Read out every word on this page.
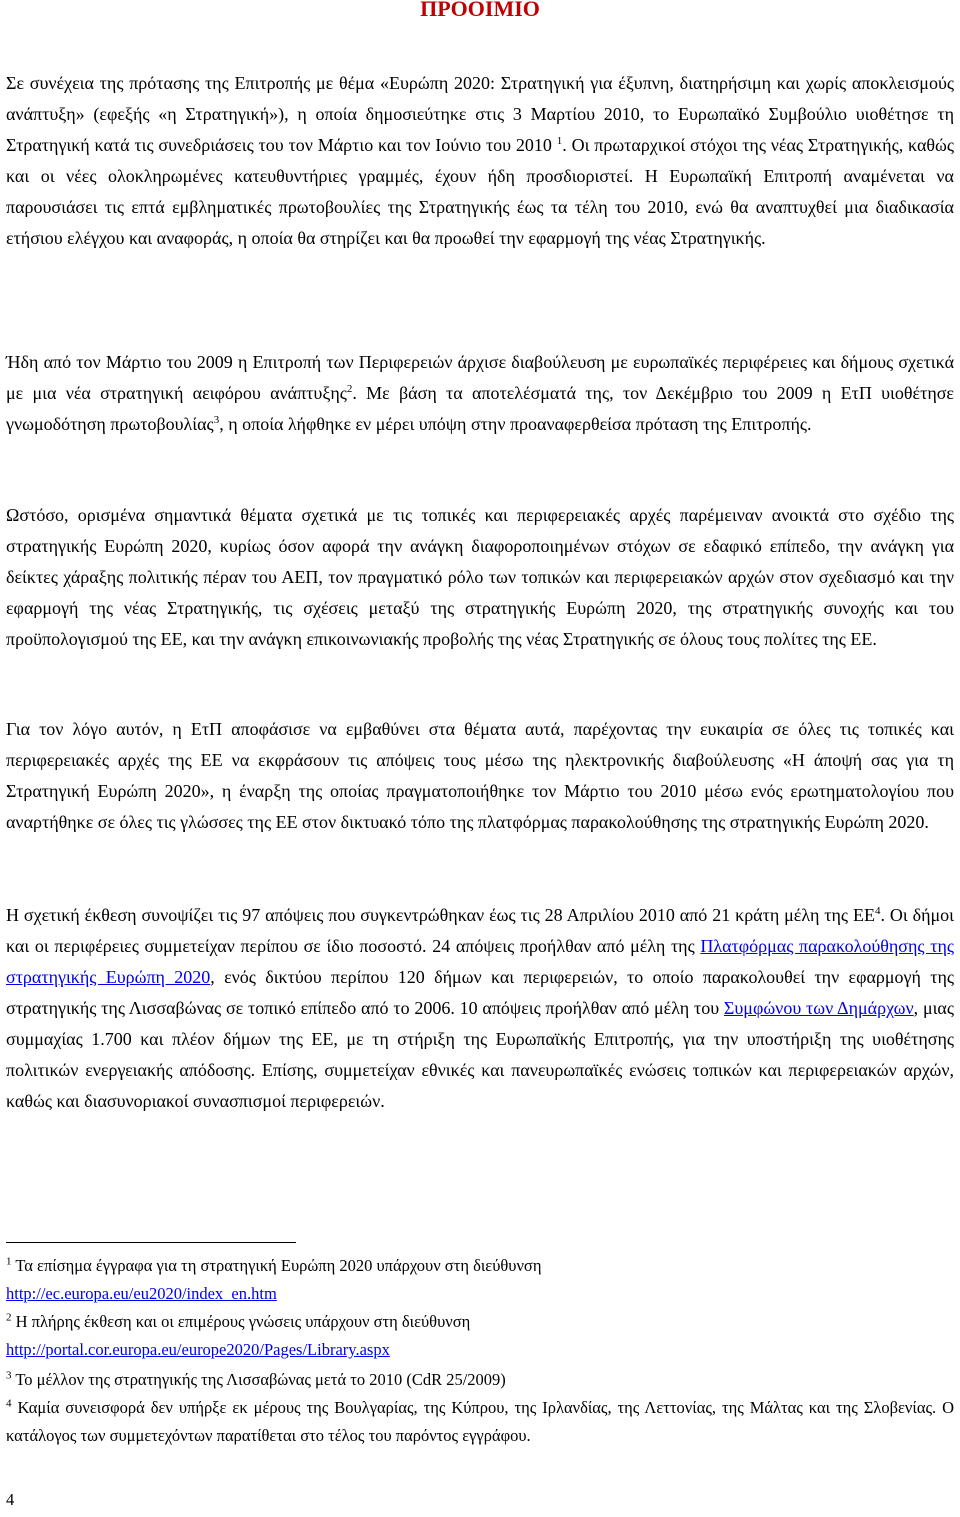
ΠΡΟΟΙΜΙΟ

Σε συνέχεια της πρότασης της Επιτροπής με θέμα «Ευρώπη 2020: Στρατηγική για έξυπνη, διατηρήσιμη και χωρίς αποκλεισμούς ανάπτυξη» (εφεξής «η Στρατηγική»), η οποία δημοσιεύτηκε στις 3 Μαρτίου 2010, το Ευρωπαϊκό Συμβούλιο υιοθέτησε τη Στρατηγική κατά τις συνεδριάσεις του τον Μάρτιο και τον Ιούνιο του 2010 $^1$. Οι πρωταρχικοί στόχοι της νέας Στρατηγικής, καθώς και οι νέες ολοκληρωμένες κατευθυντήριες γραμμές, έχουν ήδη προσδιοριστεί. Η Ευρωπαϊκή Επιτροπή αναμένεται να παρουσιάσει τις επτά εμβληματικές πρωτοβουλίες της Στρατηγικής έως τα τέλη του 2010, ενώ θα αναπτυχθεί μια διαδικασία ετήσιου ελέγχου και αναφοράς, η οποία θα στηρίζει και θα προωθεί την εφαρμογή της νέας Στρατηγικής.

Ήδη από τον Μάρτιο του 2009 η Επιτροπή των Περιφερειών άρχισε διαβούλευση με ευρωπαϊκές περιφέρειες και δήμους σχετικά με μια νέα στρατηγική αειφόρου ανάπτυξης$^2$. Με βάση τα αποτελέσματά της, τον Δεκέμβριο του 2009 η ΕτΠ υιοθέτησε γνωμοδότηση πρωτοβουλίας$^3$, η οποία λήφθηκε εν μέρει υπόψη στην προαναφερθείσα πρόταση της Επιτροπής.

Ωστόσο, ορισμένα σημαντικά θέματα σχετικά με τις τοπικές και περιφερειακές αρχές παρέμειναν ανοικτά στο σχέδιο της στρατηγικής Ευρώπη 2020, κυρίως όσον αφορά την ανάγκη διαφοροποιημένων στόχων σε εδαφικό επίπεδο, την ανάγκη για δείκτες χάραξης πολιτικής πέραν του ΑΕΠ, τον πραγματικό ρόλο των τοπικών και περιφερειακών αρχών στον σχεδιασμό και την εφαρμογή της νέας Στρατηγικής, τις σχέσεις μεταξύ της στρατηγικής Ευρώπη 2020, της στρατηγικής συνοχής και του προϋπολογισμού της ΕΕ, και την ανάγκη επικοινωνιακής προβολής της νέας Στρατηγικής σε όλους τους πολίτες της ΕΕ.

Για τον λόγο αυτόν, η ΕτΠ αποφάσισε να εμβαθύνει στα θέματα αυτά, παρέχοντας την ευκαιρία σε όλες τις τοπικές και περιφερειακές αρχές της ΕΕ να εκφράσουν τις απόψεις τους μέσω της ηλεκτρονικής διαβούλευσης «Η άποψή σας για τη Στρατηγική Ευρώπη 2020», η έναρξη της οποίας πραγματοποιήθηκε τον Μάρτιο του 2010 μέσω ενός ερωτηματολογίου που αναρτήθηκε σε όλες τις γλώσσες της ΕΕ στον δικτυακό τόπο της πλατφόρμας παρακολούθησης της στρατηγικής Ευρώπη 2020.

Η σχετική έκθεση συνοψίζει τις 97 απόψεις που συγκεντρώθηκαν έως τις 28 Απριλίου 2010 από 21 κράτη μέλη της $EE^4$. Οι δήμοι και οι περιφέρειες συμμετείχαν περίπου σε ίδιο ποσοστό. 24 απόψεις προήλθαν από μέλη της Πλατφόρμας παρακολούθησης της στρατηγικής Ευρώπη 2020, ενός δικτύου περίπου 120 δήμων και περιφερειών, το οποίο παρακολουθεί την εφαρμογή της στρατηγικής της Λισσαβώνας σε τοπικό επίπεδο από το 2006. 10 απόψεις προήλθαν από μέλη του Συμφώνου των Δημάρχων, μιας συμμαχίας 1.700 και πλέον δήμων της ΕΕ, με τη στήριξη της Ευρωπαϊκής Επιτροπής, για την υποστήριξη της υιοθέτησης πολιτικών ενεργειακής απόδοσης. Επίσης, συμμετείχαν εθνικές και πανευρωπαϊκές ενώσεις τοπικών και περιφερειακών αρχών, καθώς και διασυνοριακοί συνασπισμοί περιφερειών.

$^1$ Τα επίσημα έγγραφα για τη στρατηγική Ευρώπη 2020 υπάρχουν στη διεύθυνση
http://ec.europa.eu/eu2020/index_en.htm

$^2$ Η πλήρης έκθεση και οι επιμέρους γνώσεις υπάρχουν στη διεύθυνση
http://portal.cor.europa.eu/europe2020/Pages/Library.aspx

$^3$ Το μέλλον της στρατηγικής της Λισσαβώνας μετά το 2010 (CdR 25/2009)

$^4$ Καμία συνεισφορά δεν υπήρξε εκ μέρους της Βουλγαρίας, της Κύπρου, της Ιρλανδίας, της Λεττονίας, της Μάλτας και της Σλοβενίας. Ο κατάλογος των συμμετεχόντων παρατίθεται στο τέλος του παρόντος εγγράφου.

4
